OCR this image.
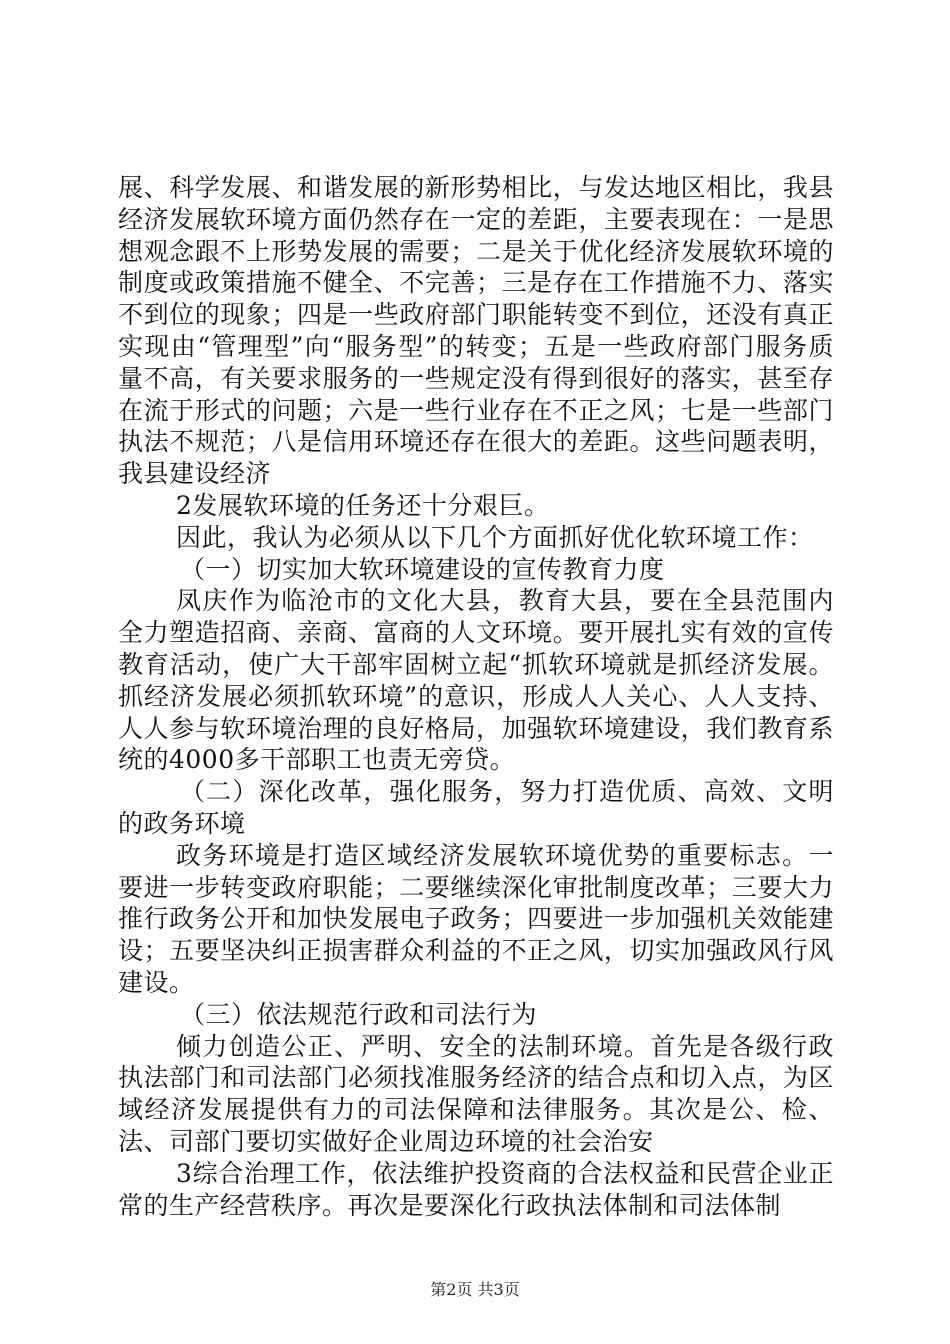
展、科学发展、和谐发展的新形势相比，与发达地区相比，我县经济发展软环境方面仍然存在一定的差距，主要表现在：一是思想观念跟不上形势发展的需要；二是关于优化经济发展软环境的制度或政策措施不健全、不完善；三是存在工作措施不力、落实不到位的现象；四是一些政府部门职能转变不到位，还没有真正实现由“管理型”向“服务型”的转变；五是一些政府部门服务质量不高，有关要求服务的一些规定没有得到很好的落实，甚至存在流于形式的问题；六是一些行业存在不正之风；七是一些部门执法不规范；八是信用环境还存在很大的差距。这些问题表明，我县建设经济

2发展软环境的任务还十分艰巨。

因此，我认为必须从以下几个方面抓好优化软环境工作：

（一）切实加大软环境建设的宣传教育力度

凤庆作为临沧市的文化大县，教育大县，要在全县范围内全力塑造招商、亲商、富商的人文环境。要开展扎实有效的宣传教育活动，使广大干部牢固树立起“抓软环境就是抓经济发展。抓经济发展必须抓软环境”的意识，形成人人关心、人人支持、人人参与软环境治理的良好格局，加强软环境建设，我们教育系统的4000多干部职工也责无旁贷。

（二）深化改革，强化服务，努力打造优质、高效、文明的政务环境

政务环境是打造区域经济发展软环境优势的重要标志。一要进一步转变政府职能；二要继续深化审批制度改革；三要大力推行政务公开和加快发展电子政务；四要进一步加强机关效能建设；五要坚决纠正损害群众利益的不正之风，切实加强政风行风建设。

（三）依法规范行政和司法行为

倾力创造公正、严明、安全的法制环境。首先是各级行政执法部门和司法部门必须找准服务经济的结合点和切入点，为区域经济发展提供有力的司法保障和法律服务。其次是公、检、法、司部门要切实做好企业周边环境的社会治安

3综合治理工作，依法维护投资商的合法权益和民营企业正常的生产经营秩序。再次是要深化行政执法体制和司法体制

第2页 共3页
